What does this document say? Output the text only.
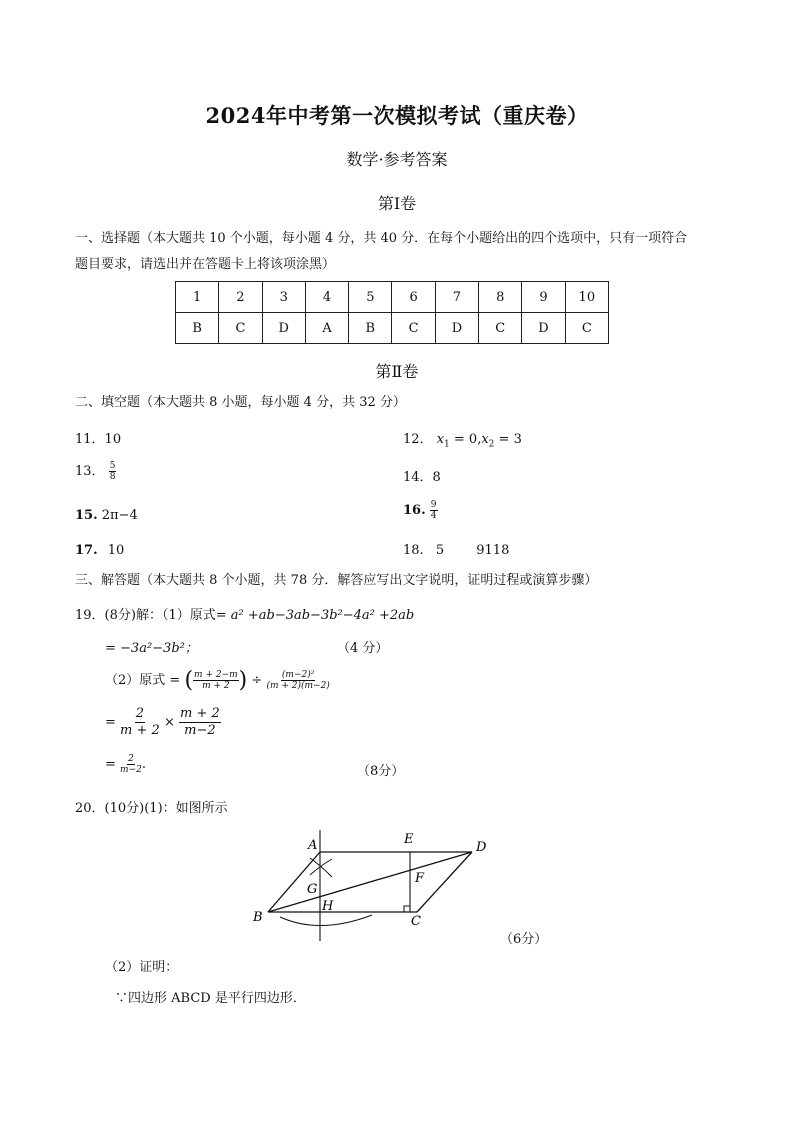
2024年中考第一次模拟考试（重庆卷）
数学·参考答案
第Ⅰ卷
一、选择题（本大题共 10 个小题，每小题 4 分，共 40 分．在每个小题给出的四个选项中，只有一项符合
题目要求，请选出并在答题卡上将该项涂黑）
1	2	3	4	5	6	7	8	9	10
B	C	D	A	B	C	D	C	D	C
第Ⅱ卷
二、填空题（本大题共 8 小题，每小题 4 分，共 32 分）
11．10	12． $x_1 = 0,x_2 = 3$
13． $\frac{5}{8}$	14．8
15. 2π−4	16. $\frac{9}{4}$
17. 10	18. 5 9118
三、解答题（本大题共 8 个小题，共 78 分．解答应写出文字说明，证明过程或演算步骤）
19．(8分)解：（1）原式= a² +ab−3ab−3b²−4a² +2ab
= −3a²−3b²；	（4 分）
（2）原式 = ( $\frac{m + 2-m}{m + 2}$ ) ÷ $\frac{\text{(m−2)²}}{(m + 2)(m-2)}$
= $\frac{2}{m + 2} \times \frac{m + 2}{m-2}$
= $\frac{2}{m-2}$ .	（8分）
20．(10分)(1)：如图所示
A	E
D
G
F
H
B	C
（6分）
（2）证明：
∵四边形 ABCD 是平行四边形．
